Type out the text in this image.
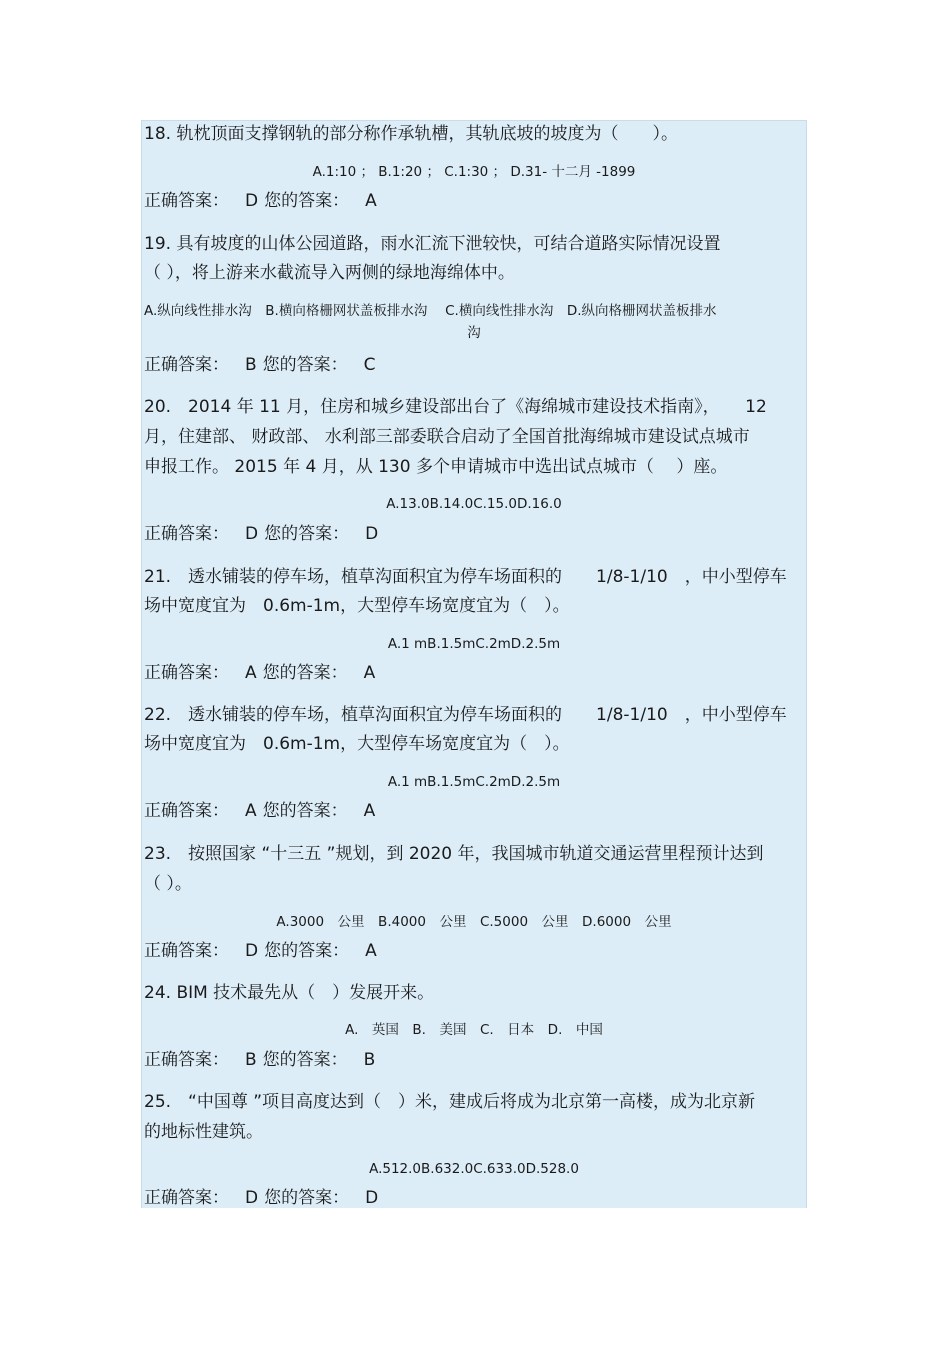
18. 轨枕顶面支撑钢轨的部分称作承轨槽，其轨底坡的坡度为（　　）。
A.1:10 ； B.1:20 ； C.1:30 ； D.31- 十二月 -1899
正确答案： D 您的答案： A
19. 具有坡度的山体公园道路，雨水汇流下泄较快，可结合道路实际情况设置
（ ），将上游来水截流导入两侧的绿地海绵体中。
A.纵向线性排水沟　B.横向格栅网状盖板排水沟　 C.横向线性排水沟　D.纵向格栅网状盖板排水
沟
正确答案： B 您的答案： C
20.　2014 年 11 月，住房和城乡建设部出台了《海绵城市建设技术指南》，　　12
月，住建部、 财政部、 水利部三部委联合启动了全国首批海绵城市建设试点城市
申报工作。 2015 年 4 月，从 130 多个申请城市中选出试点城市（　 ）座。
A.13.0B.14.0C.15.0D.16.0
正确答案： D 您的答案： D
21.　透水铺装的停车场，植草沟面积宜为停车场面积的　　1/8-1/10　，中小型停车
场中宽度宜为　0.6m-1m，大型停车场宽度宜为（　）。
A.1 mB.1.5mC.2mD.2.5m
正确答案： A 您的答案： A
22.　透水铺装的停车场，植草沟面积宜为停车场面积的　　1/8-1/10　，中小型停车
场中宽度宜为　0.6m-1m，大型停车场宽度宜为（　）。
A.1 mB.1.5mC.2mD.2.5m
正确答案： A 您的答案： A
23.　按照国家 “十三五 ”规划，到 2020 年，我国城市轨道交通运营里程预计达到
（ ）。
A.3000　公里　B.4000　公里　C.5000　公里　D.6000　公里
正确答案： D 您的答案： A
24. BIM 技术最先从（　）发展开来。
A.　英国　B.　美国　C.　日本　D.　中国
正确答案： B 您的答案： B
25.　“中国尊 ”项目高度达到（　）米，建成后将成为北京第一高楼，成为北京新
的地标性建筑。
A.512.0B.632.0C.633.0D.528.0
正确答案： D 您的答案： D
